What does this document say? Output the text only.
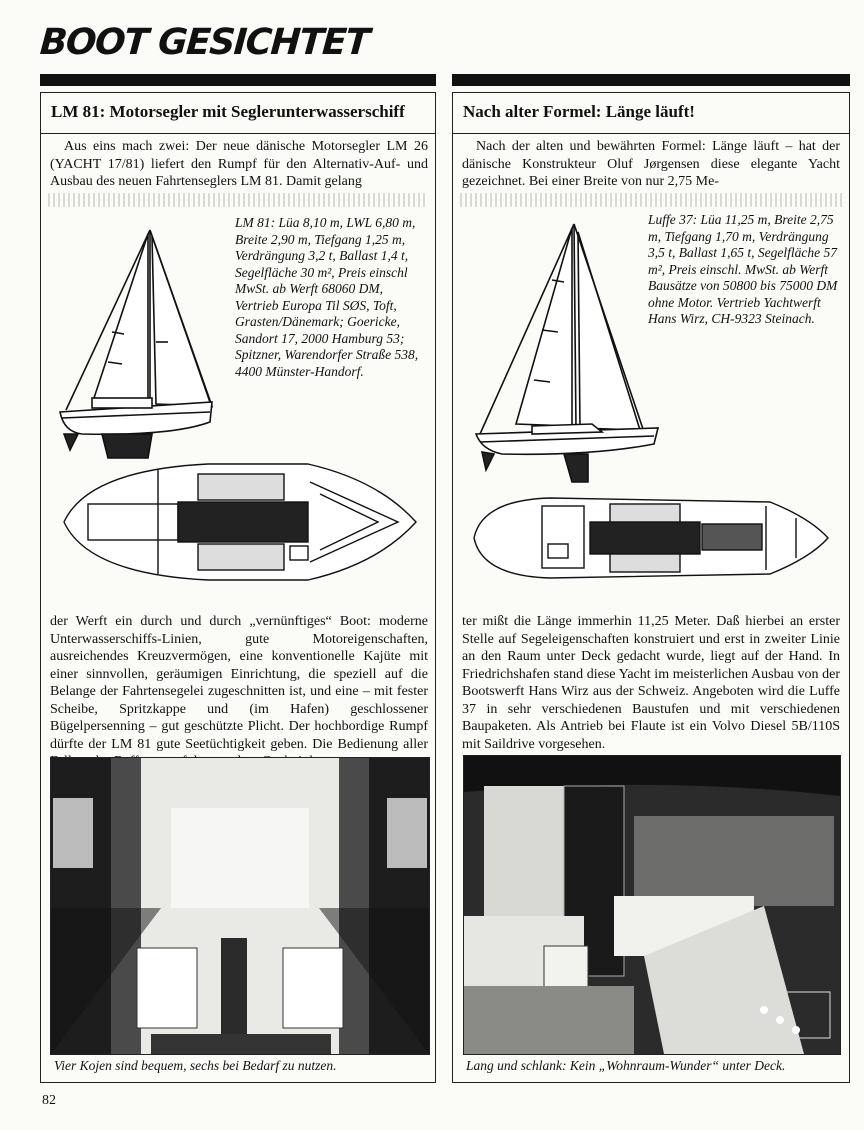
BOOT GESICHTET
LM 81: Motorsegler mit Seglerunterwasserschiff

Aus eins mach zwei: Der neue dänische Motorsegler LM 26 (YACHT 17/81) liefert den Rumpf für den Alternativ-Auf- und Ausbau des neuen Fahrtenseglers LM 81. Damit gelang

LM 81: Lüa 8,10 m, LWL 6,80 m, Breite 2,90 m, Tiefgang 1,25 m, Verdrängung 3,2 t, Ballast 1,4 t, Segelfläche 30 m², Preis einschl MwSt. ab Werft 68060 DM, Vertrieb Europa Til SØS, Toft, Grasten/Dänemark; Goericke, Sandort 17, 2000 Hamburg 53; Spitzner, Warendorfer Straße 538, 4400 Münster-Handorf.

der Werft ein durch und durch „vernünftiges“ Boot: moderne Unterwasserschiffs-Linien, gute Motoreigenschaften, ausreichendes Kreuzvermögen, eine konventionelle Kajüte mit einer sinnvollen, geräumigen Einrichtung, die speziell auf die Belange der Fahrtensegelei zugeschnitten ist, und eine – mit fester Scheibe, Spritzkappe und (im Hafen) geschlossener Bügelpersenning – gut geschützte Plicht. Der hochbordige Rumpf dürfte der LM 81 gute Seetüchtigkeit geben. Die Bedienung aller

Vier Kojen sind bequem, sechs bei Bedarf zu nutzen.

Nach alter Formel: Länge läuft!

Nach der alten und bewährten Formel: Länge läuft – hat der dänische Konstrukteur Oluf Jørgensen diese elegante Yacht gezeichnet. Bei einer Breite von nur 2,75 Me-

Luffe 37: Lüa 11,25 m, Breite 2,75 m, Tiefgang 1,70 m, Verdrängung 3,5 t, Ballast 1,65 t, Segelfläche 57 m², Preis einschl. MwSt. ab Werft Bausätze von 50800 bis 75000 DM ohne Motor. Vertrieb Yachtwerft Hans Wirz, CH-9323 Steinach.

ter mißt die Länge immerhin 11,25 Meter. Daß hierbei an erster Stelle auf Segeleigenschaften konstruiert und erst in zweiter Linie an den Raum unter Deck gedacht wurde, liegt auf der Hand. In Friedrichshafen stand diese Yacht im meisterlichen Ausbau von der Bootswerft Hans Wirz aus der Schweiz. Angeboten wird die Luffe 37 in sehr verschiedenen Baustufen und mit verschiedenen Baupaketen. Als Antrieb bei Flaute ist ein Volvo Diesel 5B/110S mit Saildrive vorgesehen.

Lang und schlank: Kein „Wohnraum-Wunder“ unter Deck.

82
